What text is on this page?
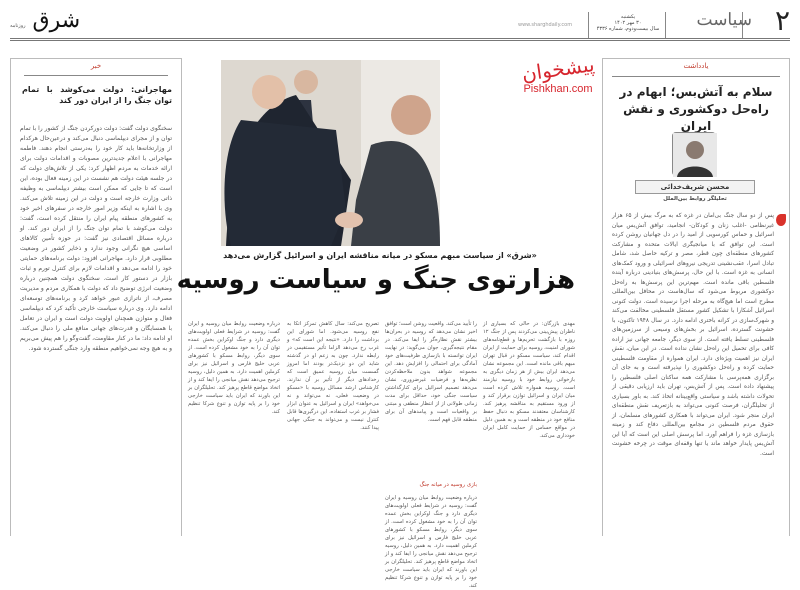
۲
سیاست
یکشنبه
۳۰ مهر ۱۴۰۲
سال بیست‌ودوم، شماره ۴۳۳۶
www.sharghdaily.com
شرق روزنامه
خبر
مهاجرانی: دولت می‌کوشد با تمام توان جنگ را از ایران دور کند
سخنگوی دولت گفت: دولت دورکردن جنگ از کشور را با تمام توان و از مجرای دیپلماسی دنبال می‌کند و درعین‌حال هرکدام از وزارتخانه‌ها باید کار خود را به‌درستی انجام دهند. فاطمه مهاجرانی با اعلام جدیدترین مصوبات و اقدامات دولت برای ارائه خدمات به مردم اظهار کرد: یکی از تلاش‌های دولت که در جلسه هیئت دولت هم نشست در این زمینه فعال بوده، این است که تا جایی که ممکن است بیشتر دیپلماسی به وظیفه ذاتی وزارت خارجه است و دولت در این زمینه تلاش می‌کند. وی با اشاره به اینکه وزیر امور خارجه در سفرهای اخیر خود به کشورهای منطقه پیام ایران را منتقل کرده است، گفت: دولت می‌کوشد با تمام توان جنگ را از ایران دور کند. او درباره مسائل اقتصادی نیز گفت: در حوزه تأمین کالاهای اساسی هیچ نگرانی وجود ندارد و ذخایر کشور در وضعیت مطلوبی قرار دارد. مهاجرانی افزود: دولت برنامه‌های حمایتی خود را ادامه می‌دهد و اقدامات لازم برای کنترل تورم و ثبات بازار در دستور کار است. سخنگوی دولت همچنین درباره وضعیت انرژی توضیح داد که دولت با همکاری مردم و مدیریت مصرف، از ناترازی عبور خواهد کرد و برنامه‌های توسعه‌ای ادامه دارد. وی درباره سیاست خارجی تأکید کرد که دیپلماسی فعال و متوازن همچنان اولویت دولت است و ایران در تعامل با همسایگان و قدرت‌های جهانی منافع ملی را دنبال می‌کند. او ادامه داد: ما در کنار مقاومت، گفت‌وگو را هم پیش می‌بریم و به هیچ وجه نمی‌خواهیم منطقه وارد جنگی گسترده شود.
پیشخوان
Pishkhan.com
«شرق» از سیاست مبهم مسکو در میانه مناقشه ایران و اسرائیل گزارش می‌دهد
هزارتوی جنگ و سیاست روسیه
مهدی بازرگان: در حالی که بسیاری از ناظران پیش‌بینی می‌کردند پس از جنگ ۱۲ روزه با بازگشت تحریم‌ها و قطع‌نامه‌های شورای امنیت، روسیه برای حمایت از ایران اقدام کند، سیاست مسکو در قبال تهران مبهم باقی مانده است. این مجموعه نشان می‌دهد ایران بیش از هر زمان دیگری به بازخوانی روابط خود با روسیه نیازمند است. روسیه همواره تلاش کرده است میان ایران و اسرائیل توازن برقرار کند و از ورود مستقیم به مناقشه پرهیز کند. کارشناسان معتقدند مسکو به دنبال حفظ منافع خود در منطقه است و به همین دلیل در مواقع حساس از حمایت کامل ایران خودداری می‌کند.
را تأیید می‌کند. واقعیت روشن است؛ توافق اخیر نشان می‌دهد که روسیه در بحران‌ها بیشتر نقش نظاره‌گر را ایفا می‌کند. در مقام نتیجه‌گیری، جوان می‌گوید: در نهایت ایران توانسته با بازسازی ظرفیت‌های خود آمادگی برای احتمالی را افزایش دهد. این مجموعه شواهد بدون ملاحظه‌کردن نظریه‌ها و فرضیات غیرضروری، نشان می‌دهد تصمیم اسرائیل برای کنارگذاشتن سیاست جنگی خود، حداقل برای مدت زمانی طولانی از از انتظار منطقی و مبتنی بر واقعیات است و پیامدهای آن برای منطقه قابل فهم است.
بازی روسیه در میانه جنگ
درباره وضعیت روابط میان روسیه و ایران گفت: روسیه در شرایط فعلی اولویت‌های دیگری دارد و جنگ اوکراین بخش عمده توان آن را به خود مشغول کرده است. از سوی دیگر، روابط مسکو با کشورهای عربی خلیج فارس و اسرائیل نیز برای کرملین اهمیت دارد. به همین دلیل، روسیه ترجیح می‌دهد نقش میانجی را ایفا کند و از اتخاذ مواضع قاطع پرهیز کند. تحلیلگران بر این باورند که ایران باید سیاست خارجی خود را بر پایه توازن و تنوع شرکا تنظیم کند.
تصریح می‌کند: سال کاهش تمرکز اتکا به نفع روسیه می‌شود. اما شورای این برداشت را دارد. «نتیجه این است که» و غرب رخ می‌دهد الزاما تأثیر مستقیمی در رابطه ندارد. چون به زعم او در گذشته شاید این دو نزدیک‌تر بودند اما امروز گسست میان روسیه عمیق است که رخدادهای دیگر از تأثیر بر آن ندارند. کارشناس ارشد مسائل روسیه با «مسکو در وضعیت فعلی، نه می‌تواند و نه می‌خواهد» ایران و اسرائیل به عنوان ابزار فشار بر غرب استفاده، این درگیری‌ها قابل کنترل نیست و می‌تواند به جنگی جهانی پیدا کنند.
درباره وضعیت روابط میان روسیه و ایران گفت: روسیه در شرایط فعلی اولویت‌های دیگری دارد و جنگ اوکراین بخش عمده توان آن را به خود مشغول کرده است. از سوی دیگر، روابط مسکو با کشورهای عربی خلیج فارس و اسرائیل نیز برای کرملین اهمیت دارد. به همین دلیل، روسیه ترجیح می‌دهد نقش میانجی را ایفا کند و از اتخاذ مواضع قاطع پرهیز کند. تحلیلگران بر این باورند که ایران باید سیاست خارجی خود را بر پایه توازن و تنوع شرکا تنظیم کند.
یادداشت
سلام به آتش‌بس؛ ابهام در راه‌حل دوکشوری و نقش ایران
محسن شریف‌خدائی
تحلیلگر روابط بین‌الملل
پس از دو سال جنگ بی‌امان در غزه که به مرگ بیش از ۶۵ هزار غیرنظامی -اغلب زنان و کودکان- انجامید، توافق آتش‌بس میان اسرائیل و حماس کورسویی از امید را در دل جهانیان روشن کرده است. این توافق که با میانجیگری ایالات متحده و مشارکت کشورهای منطقه‌ای چون قطر، مصر و ترکیه حاصل شد، شامل تبادل اسرا، عقب‌نشینی تدریجی نیروهای اسرائیلی و ورود کمک‌های انسانی به غزه است. با این حال، پرسش‌های بنیادینی درباره آینده فلسطین باقی مانده است. مهم‌ترین این پرسش‌ها به راه‌حل دوکشوری مربوط می‌شود که سال‌هاست در محافل بین‌المللی مطرح است اما هیچ‌گاه به مرحله اجرا نرسیده است. دولت کنونی اسرائیل آشکارا با تشکیل کشور مستقل فلسطینی مخالفت می‌کند و شهرک‌سازی در کرانه باختری ادامه دارد. در سال ۱۹۴۸ تاکنون، با خشونت گسترده، اسرائیل بر بخش‌های وسیعی از سرزمین‌های فلسطینی تسلط یافته است. از سوی دیگر، جامعه جهانی نیز اراده کافی برای تحمیل این راه‌حل نشان نداده است. در این میان، نقش ایران نیز اهمیت ویژه‌ای دارد. ایران همواره از مقاومت فلسطینی حمایت کرده و راه‌حل دوکشوری را نپذیرفته است و به جای آن برگزاری همه‌پرسی با مشارکت همه ساکنان اصلی فلسطین را پیشنهاد داده است. پس از آتش‌بس، تهران باید ارزیابی دقیقی از تحولات داشته باشد و سیاستی واقع‌بینانه اتخاذ کند. به باور بسیاری از تحلیلگران، فرصت کنونی می‌تواند به بازتعریف نقش منطقه‌ای ایران منجر شود. ایران می‌تواند با همکاری کشورهای مسلمان، از حقوق مردم فلسطین در مجامع بین‌المللی دفاع کند و زمینه بازسازی غزه را فراهم آورد. اما پرسش اصلی این است که آیا این آتش‌بس پایدار خواهد ماند یا تنها وقفه‌ای موقت در چرخه خشونت است.
